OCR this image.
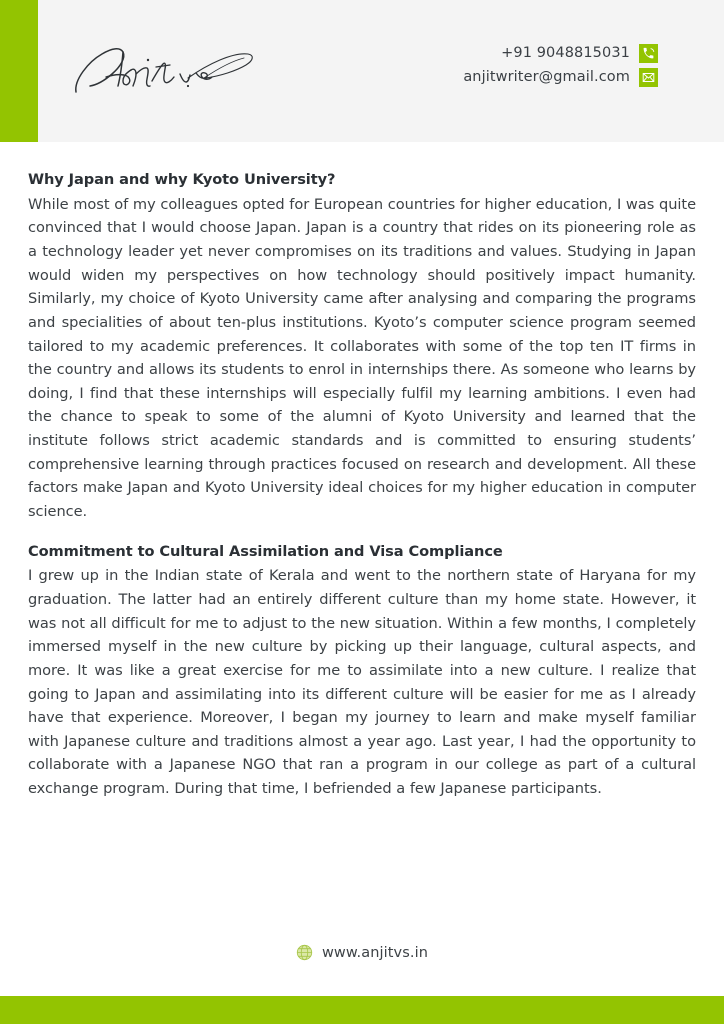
+91 9048815031
anjitwriter@gmail.com
Why Japan and why Kyoto University?

While most of my colleagues opted for European countries for higher education, I was quite convinced that I would choose Japan. Japan is a country that rides on its pioneering role as a technology leader yet never compromises on its traditions and values. Studying in Japan would widen my perspectives on how technology should positively impact humanity. Similarly, my choice of Kyoto University came after analysing and comparing the programs and specialities of about ten-plus institutions. Kyoto’s computer science program seemed tailored to my academic preferences. It collaborates with some of the top ten IT firms in the country and allows its students to enrol in internships there. As someone who learns by doing, I find that these internships will especially fulfil my learning ambitions. I even had the chance to speak to some of the alumni of Kyoto University and learned that the institute follows strict academic standards and is committed to ensuring students’ comprehensive learning through practices focused on research and development. All these factors make Japan and Kyoto University ideal choices for my higher education in computer science.

Commitment to Cultural Assimilation and Visa Compliance

I grew up in the Indian state of Kerala and went to the northern state of Haryana for my graduation. The latter had an entirely different culture than my home state. However, it was not all difficult for me to adjust to the new situation. Within a few months, I completely immersed myself in the new culture by picking up their language, cultural aspects, and more. It was like a great exercise for me to assimilate into a new culture. I realize that going to Japan and assimilating into its different culture will be easier for me as I already have that experience. Moreover, I began my journey to learn and make myself familiar with Japanese culture and traditions almost a year ago. Last year, I had the opportunity to collaborate with a Japanese NGO that ran a program in our college as part of a cultural exchange program. During that time, I befriended a few Japanese participants.

www.anjitvs.in
